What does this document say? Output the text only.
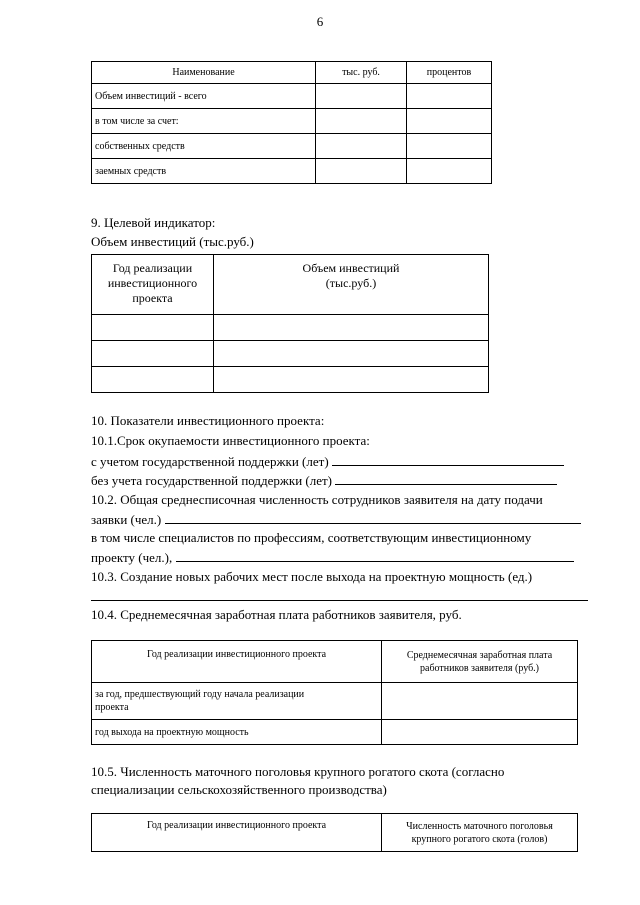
6
Наименование	тыс. руб.	процентов
Объем инвестиций - всего		
в том числе за счет:		
собственных средств		
заемных средств		
9. Целевой индикатор:
Объем инвестиций (тыс.руб.)
Год реализации инвестиционного проекта	Объем инвестиций
(тыс.руб.)

10. Показатели инвестиционного проекта:
10.1.Срок окупаемости инвестиционного проекта:
с учетом государственной поддержки (лет)
без учета государственной поддержки (лет)
10.2. Общая среднесписочная численность сотрудников заявителя на дату подачи
заявки (чел.)
в том числе специалистов по профессиям, соответствующим инвестиционному
проекту (чел.),
10.3. Создание новых рабочих мест после выхода на проектную мощность (ед.)
10.4. Среднемесячная заработная плата работников заявителя, руб.
Год реализации инвестиционного проекта	Среднемесячная заработная плата
работников заявителя (руб.)

за год, предшествующий году начала реализации
проекта	

год выхода на проектную мощность	
10.5. Численность маточного поголовья крупного рогатого скота (согласно
специализации сельскохозяйственного производства)
Год реализации инвестиционного проекта	Численность маточного поголовья
крупного рогатого скота (голов)
